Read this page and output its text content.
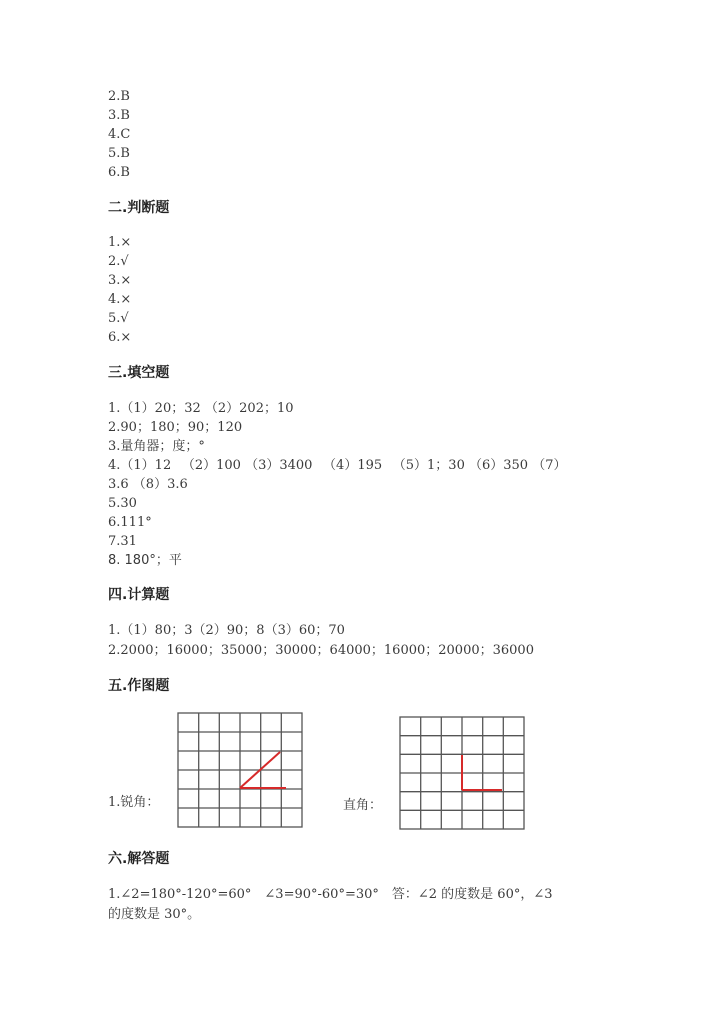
2.B
3.B
4.C
5.B
6.B
二.判断题
1.×
2.√
3.×
4.×
5.√
6.×
三.填空题
1.（1）20；32 （2）202；10
2.90；180；90；120
3.量角器；度；°
4.（1）12 　（2）100 （3）3400 　（4）195 　（5）1；30 （6）350 （7）
3.6 （8）3.6
5.30
6.111°
7.31
8. 180°；平
四.计算题
1.（1）80；3（2）90；8（3）60；70
2.2000；16000；35000；30000；64000；16000；20000；36000
五.作图题
1.锐角：	直角：
六.解答题
1.∠2=180°-120°=60°　∠3=90°-60°=30°　答：∠2 的度数是 60°，∠3
的度数是 30°。
